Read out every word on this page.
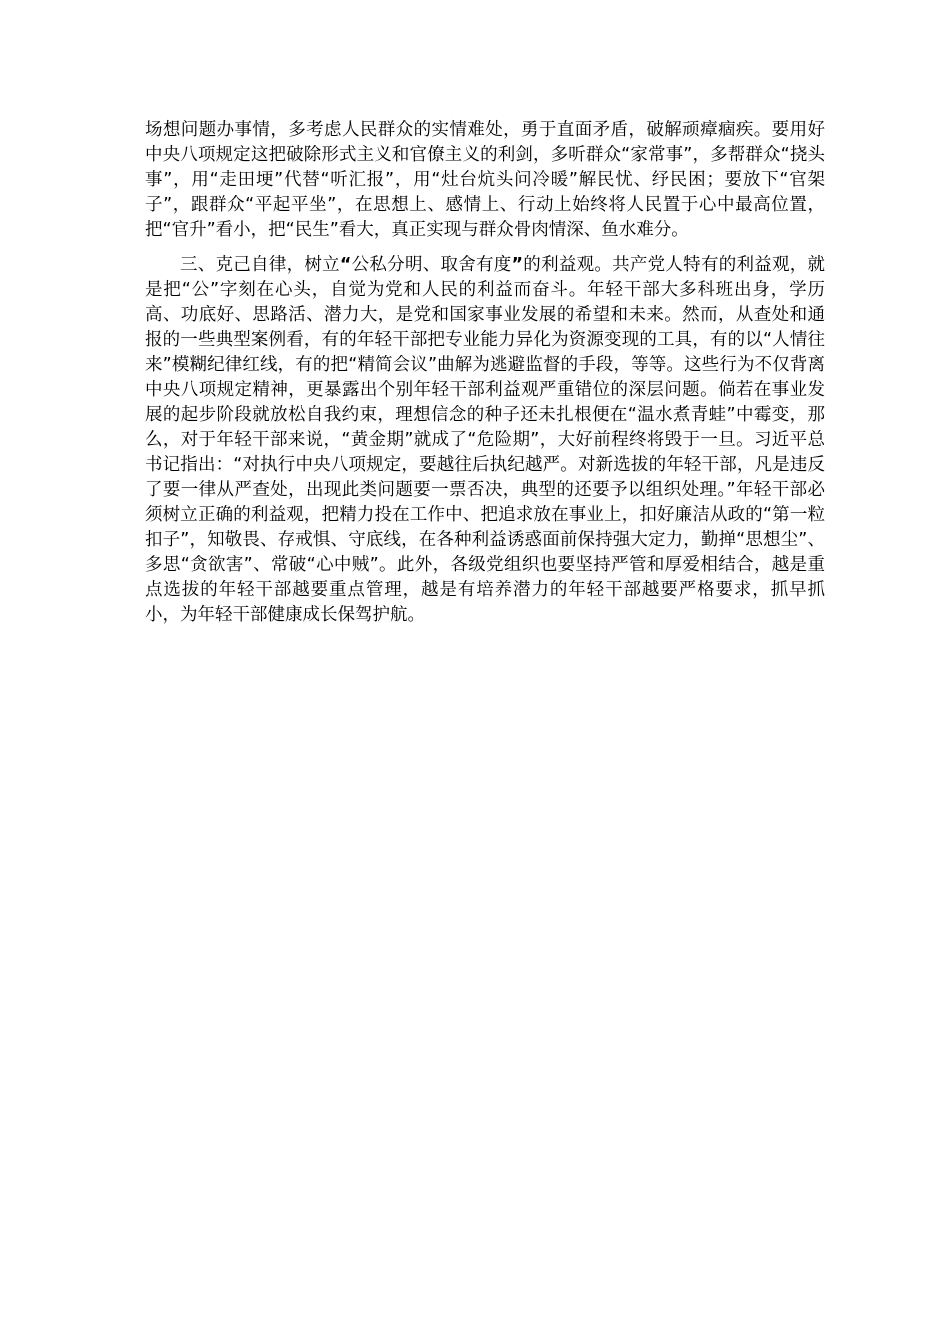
场想问题办事情，多考虑人民群众的实情难处，勇于直面矛盾，破解顽瘴痼疾。要用好中央八项规定这把破除形式主义和官僚主义的利剑，多听群众“家常事”，多帮群众“挠头事”，用“走田埂”代替“听汇报”，用“灶台炕头问冷暖”解民忧、纾民困；要放下“官架子”，跟群众“平起平坐”，在思想上、感情上、行动上始终将人民置于心中最高位置，把“官升”看小，把“民生”看大，真正实现与群众骨肉情深、鱼水难分。

三、克己自律，树立“公私分明、取舍有度”的利益观。共产党人特有的利益观，就是把“公”字刻在心头，自觉为党和人民的利益而奋斗。年轻干部大多科班出身，学历高、功底好、思路活、潜力大，是党和国家事业发展的希望和未来。然而，从查处和通报的一些典型案例看，有的年轻干部把专业能力异化为资源变现的工具，有的以“人情往来”模糊纪律红线，有的把“精简会议”曲解为逃避监督的手段，等等。这些行为不仅背离中央八项规定精神，更暴露出个别年轻干部利益观严重错位的深层问题。倘若在事业发展的起步阶段就放松自我约束，理想信念的种子还未扎根便在“温水煮青蛙”中霉变，那么，对于年轻干部来说，“黄金期”就成了“危险期”，大好前程终将毁于一旦。习近平总书记指出：“对执行中央八项规定，要越往后执纪越严。对新选拔的年轻干部，凡是违反了要一律从严查处，出现此类问题要一票否决，典型的还要予以组织处理。”年轻干部必须树立正确的利益观，把精力投在工作中、把追求放在事业上，扣好廉洁从政的“第一粒扣子”，知敬畏、存戒惧、守底线，在各种利益诱惑面前保持强大定力，勤掸“思想尘”、多思“贪欲害”、常破“心中贼”。此外，各级党组织也要坚持严管和厚爱相结合，越是重点选拔的年轻干部越要重点管理，越是有培养潜力的年轻干部越要严格要求，抓早抓小，为年轻干部健康成长保驾护航。
